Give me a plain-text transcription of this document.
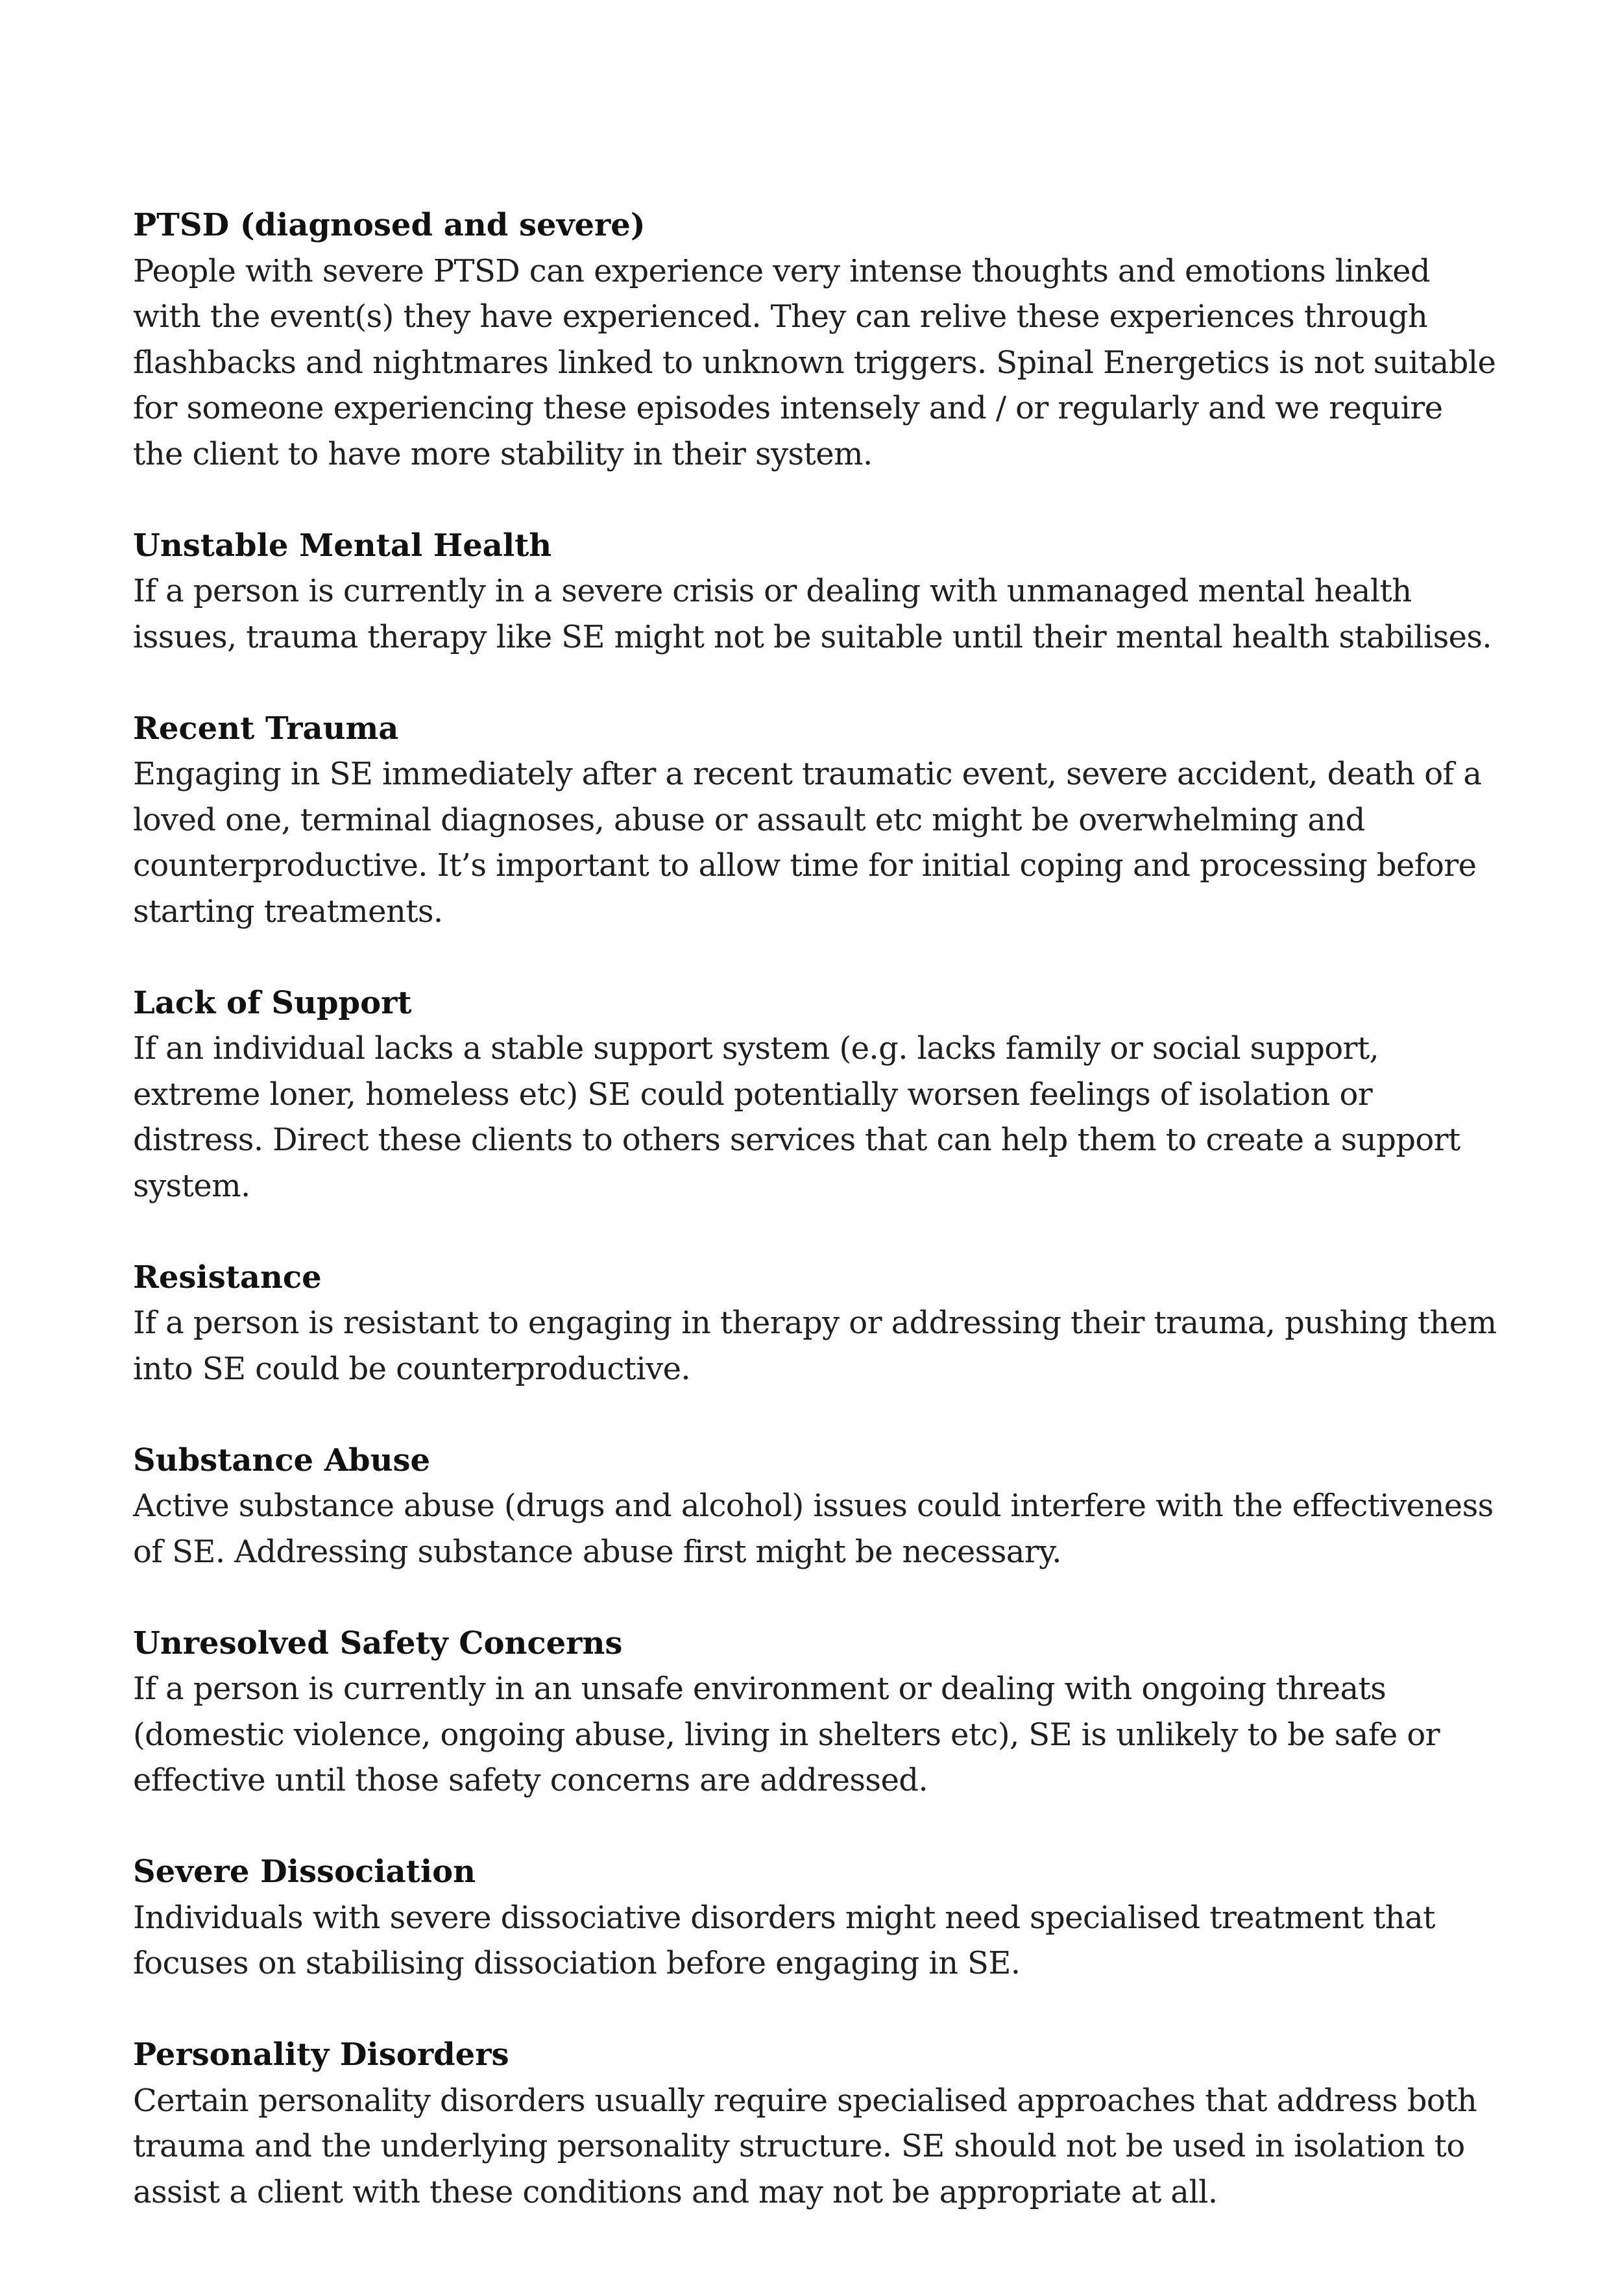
PTSD (diagnosed and severe)

People with severe PTSD can experience very intense thoughts and emotions linked with the event(s) they have experienced. They can relive these experiences through flashbacks and nightmares linked to unknown triggers. Spinal Energetics is not suitable for someone experiencing these episodes intensely and / or regularly and we require the client to have more stability in their system.

Unstable Mental Health

If a person is currently in a severe crisis or dealing with unmanaged mental health issues, trauma therapy like SE might not be suitable until their mental health stabilises.

Recent Trauma

Engaging in SE immediately after a recent traumatic event, severe accident, death of a loved one, terminal diagnoses, abuse or assault etc might be overwhelming and counterproductive. It’s important to allow time for initial coping and processing before starting treatments.

Lack of Support

If an individual lacks a stable support system (e.g. lacks family or social support, extreme loner, homeless etc) SE could potentially worsen feelings of isolation or distress. Direct these clients to others services that can help them to create a support system.

Resistance

If a person is resistant to engaging in therapy or addressing their trauma, pushing them into SE could be counterproductive.

Substance Abuse

Active substance abuse (drugs and alcohol) issues could interfere with the effectiveness of SE. Addressing substance abuse first might be necessary.

Unresolved Safety Concerns

If a person is currently in an unsafe environment or dealing with ongoing threats (domestic violence, ongoing abuse, living in shelters etc), SE is unlikely to be safe or effective until those safety concerns are addressed.

Severe Dissociation

Individuals with severe dissociative disorders might need specialised treatment that focuses on stabilising dissociation before engaging in SE.

Personality Disorders

Certain personality disorders usually require specialised approaches that address both trauma and the underlying personality structure. SE should not be used in isolation to assist a client with these conditions and may not be appropriate at all.
